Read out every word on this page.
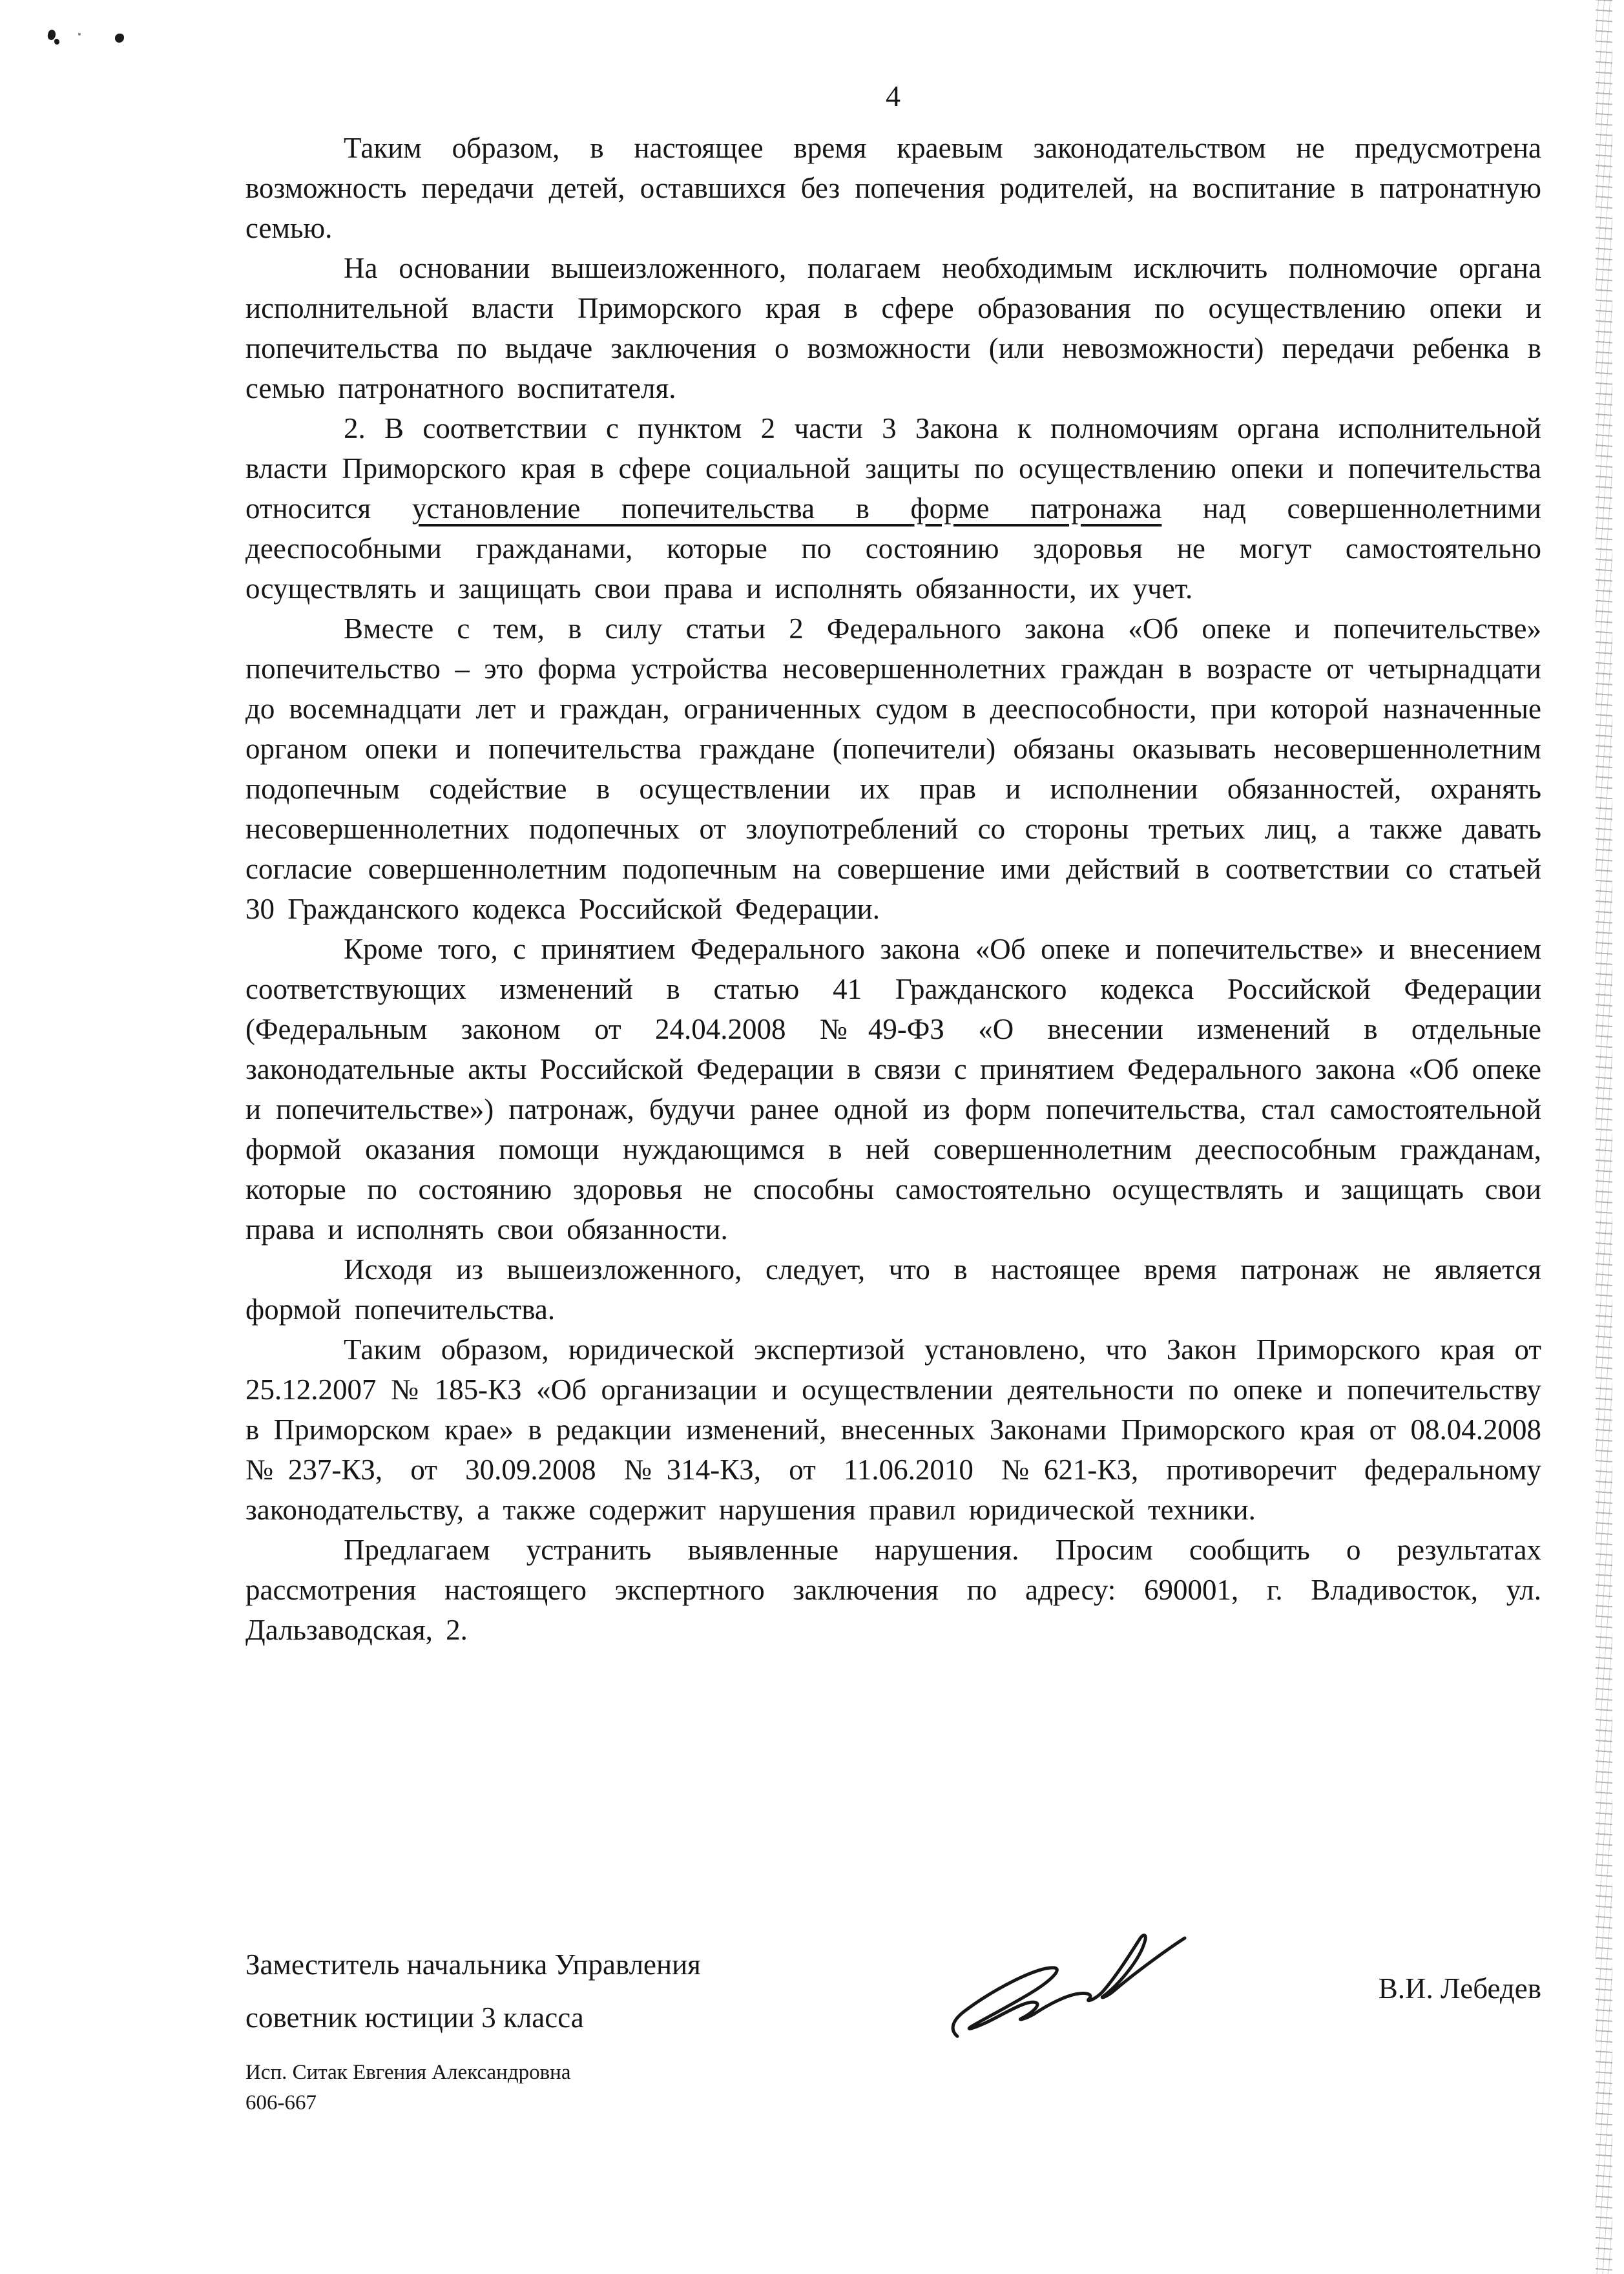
4

Таким образом, в настоящее время краевым законодательством не предусмотрена возможность передачи детей, оставшихся без попечения родителей, на воспитание в патронатную семью.

На основании вышеизложенного, полагаем необходимым исключить полномочие органа исполнительной власти Приморского края в сфере образования по осуществлению опеки и попечительства по выдаче заключения о возможности (или невозможности) передачи ребенка в семью патронатного воспитателя.

2. В соответствии с пунктом 2 части 3 Закона к полномочиям органа исполнительной власти Приморского края в сфере социальной защиты по осуществлению опеки и попечительства относится установление попечительства в форме патронажа над совершеннолетними дееспособными гражданами, которые по состоянию здоровья не могут самостоятельно осуществлять и защищать свои права и исполнять обязанности, их учет.

Вместе с тем, в силу статьи 2 Федерального закона «Об опеке и попечительстве» попечительство – это форма устройства несовершеннолетних граждан в возрасте от четырнадцати до восемнадцати лет и граждан, ограниченных судом в дееспособности, при которой назначенные органом опеки и попечительства граждане (попечители) обязаны оказывать несовершеннолетним подопечным содействие в осуществлении их прав и исполнении обязанностей, охранять несовершеннолетних подопечных от злоупотреблений со стороны третьих лиц, а также давать согласие совершеннолетним подопечным на совершение ими действий в соответствии со статьей 30 Гражданского кодекса Российской Федерации.

Кроме того, с принятием Федерального закона «Об опеке и попечительстве» и внесением соответствующих изменений в статью 41 Гражданского кодекса Российской Федерации (Федеральным законом от 24.04.2008 №49-ФЗ «О внесении изменений в отдельные законодательные акты Российской Федерации в связи с принятием Федерального закона «Об опеке и попечительстве») патронаж, будучи ранее одной из форм попечительства, стал самостоятельной формой оказания помощи нуждающимся в ней совершеннолетним дееспособным гражданам, которые по состоянию здоровья не способны самостоятельно осуществлять и защищать свои права и исполнять свои обязанности.

Исходя из вышеизложенного, следует, что в настоящее время патронаж не является формой попечительства.

Таким образом, юридической экспертизой установлено, что Закон Приморского края от 25.12.2007 № 185-КЗ «Об организации и осуществлении деятельности по опеке и попечительству в Приморском крае» в редакции изменений, внесенных Законами Приморского края от 08.04.2008 №237-КЗ, от 30.09.2008 №314-КЗ, от 11.06.2010 №621-КЗ, противоречит федеральному законодательству, а также содержит нарушения правил юридической техники.

Предлагаем устранить выявленные нарушения. Просим сообщить о результатах рассмотрения настоящего экспертного заключения по адресу: 690001, г. Владивосток, ул. Дальзаводская, 2.

Заместитель начальника Управления
советник юстиции 3 класса
В.И. Лебедев
Исп. Ситак Евгения Александровна
606-667
